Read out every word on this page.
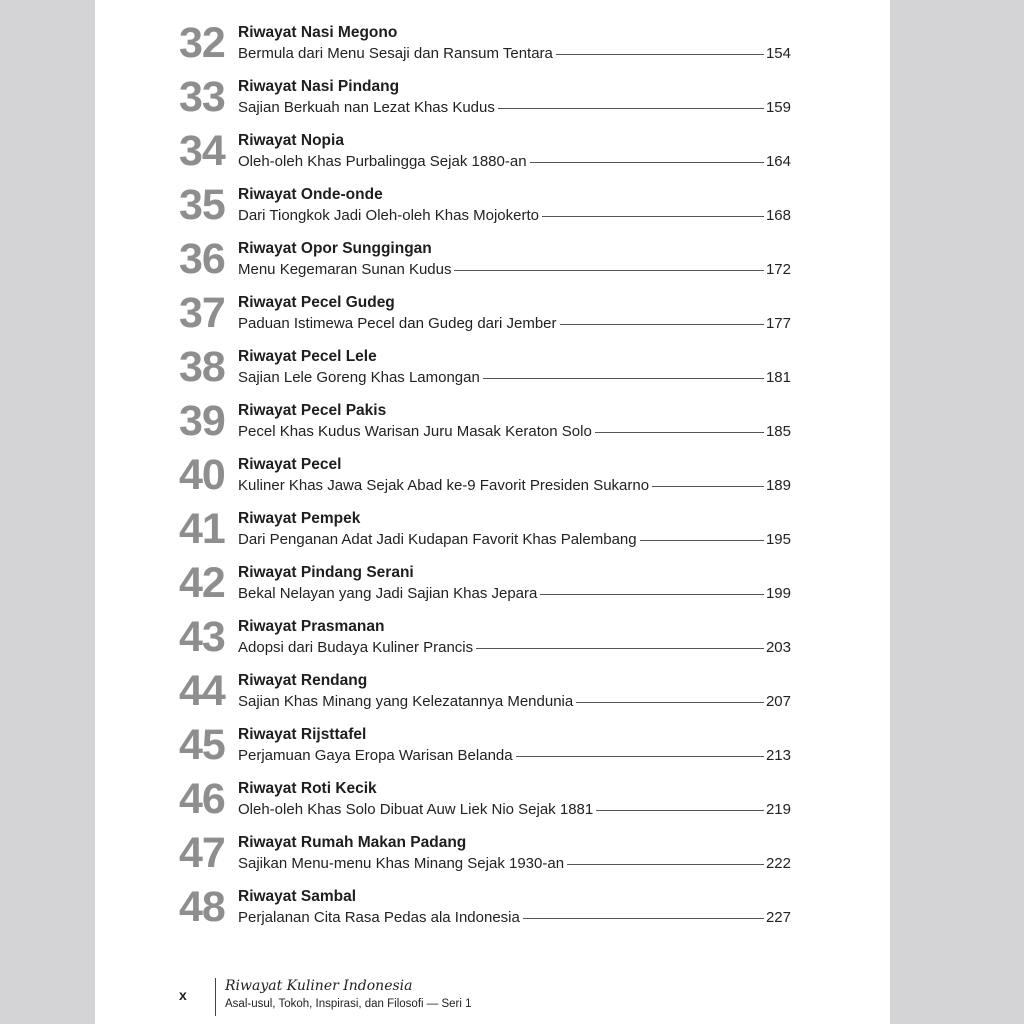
32 Riwayat Nasi Megono
Bermula dari Menu Sesaji dan Ransum Tentara	154
33 Riwayat Nasi Pindang
Sajian Berkuah nan Lezat Khas Kudus	159
34 Riwayat Nopia
Oleh-oleh Khas Purbalingga Sejak 1880-an	164
35 Riwayat Onde-onde
Dari Tiongkok Jadi Oleh-oleh Khas Mojokerto	168
36 Riwayat Opor Sunggingan
Menu Kegemaran Sunan Kudus	172
37 Riwayat Pecel Gudeg
Paduan Istimewa Pecel dan Gudeg dari Jember	177
38 Riwayat Pecel Lele
Sajian Lele Goreng Khas Lamongan	181
39 Riwayat Pecel Pakis
Pecel Khas Kudus Warisan Juru Masak Keraton Solo	185
40 Riwayat Pecel
Kuliner Khas Jawa Sejak Abad ke-9 Favorit Presiden Sukarno	189
41 Riwayat Pempek
Dari Penganan Adat Jadi Kudapan Favorit Khas Palembang	195
42 Riwayat Pindang Serani
Bekal Nelayan yang Jadi Sajian Khas Jepara	199
43 Riwayat Prasmanan
Adopsi dari Budaya Kuliner Prancis	203
44 Riwayat Rendang
Sajian Khas Minang yang Kelezatannya Mendunia	207
45 Riwayat Rijsttafel
Perjamuan Gaya Eropa Warisan Belanda	213
46 Riwayat Roti Kecik
Oleh-oleh Khas Solo Dibuat Auw Liek Nio Sejak 1881	219
47 Riwayat Rumah Makan Padang
Sajikan Menu-menu Khas Minang Sejak 1930-an	222
48 Riwayat Sambal
Perjalanan Cita Rasa Pedas ala Indonesia	227
x
Riwayat Kuliner Indonesia
Asal-usul, Tokoh, Inspirasi, dan Filosofi — Seri 1
